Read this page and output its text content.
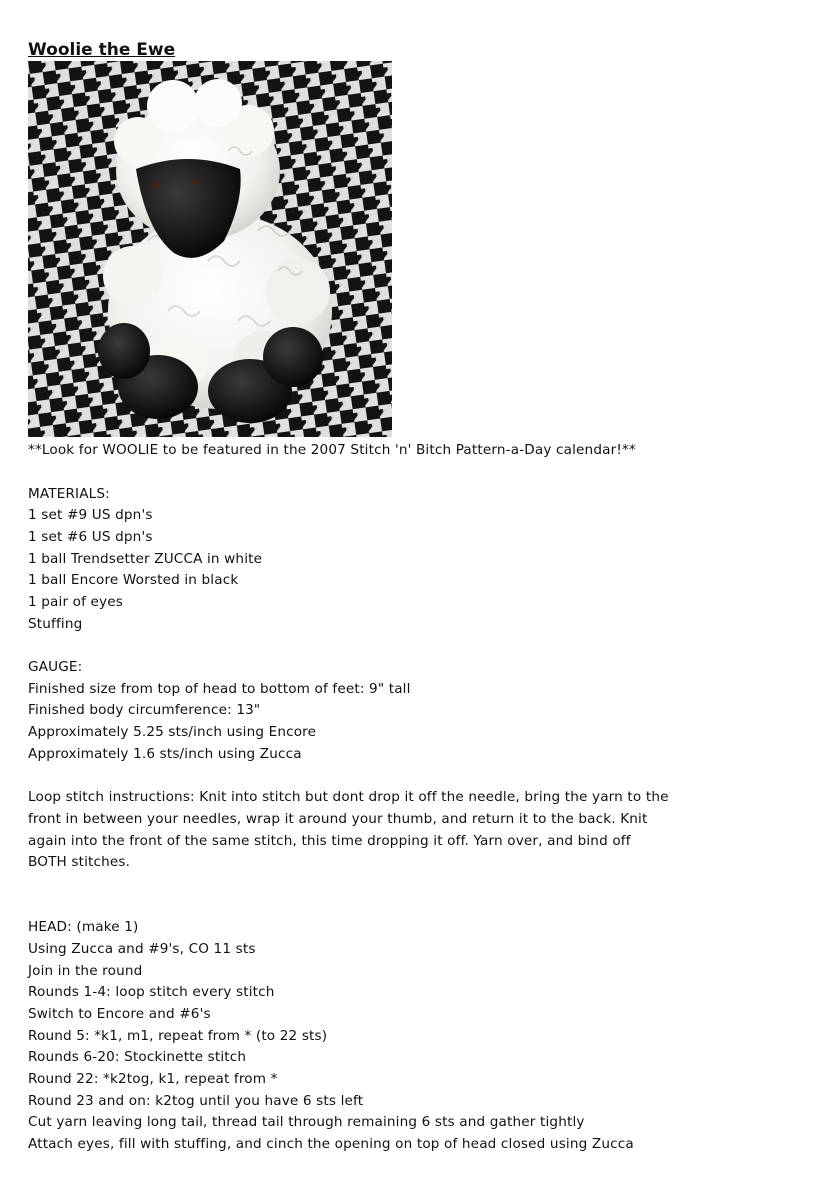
Woolie the Ewe
**Look for WOOLIE to be featured in the 2007 Stitch 'n' Bitch Pattern-a-Day calendar!**
MATERIALS:
1 set #9 US dpn's
1 set #6 US dpn's
1 ball Trendsetter ZUCCA in white
1 ball Encore Worsted in black
1 pair of eyes
Stuffing
GAUGE:
Finished size from top of head to bottom of feet: 9" tall
Finished body circumference: 13"
Approximately 5.25 sts/inch using Encore
Approximately 1.6 sts/inch using Zucca
Loop stitch instructions: Knit into stitch but dont drop it off the needle, bring the yarn to the
front in between your needles, wrap it around your thumb, and return it to the back. Knit
again into the front of the same stitch, this time dropping it off. Yarn over, and bind off
BOTH stitches.
HEAD: (make 1)
Using Zucca and #9's, CO 11 sts
Join in the round
Rounds 1-4: loop stitch every stitch
Switch to Encore and #6's
Round 5: *k1, m1, repeat from * (to 22 sts)
Rounds 6-20: Stockinette stitch
Round 22: *k2tog, k1, repeat from *
Round 23 and on: k2tog until you have 6 sts left
Cut yarn leaving long tail, thread tail through remaining 6 sts and gather tightly
Attach eyes, fill with stuffing, and cinch the opening on top of head closed using Zucca
